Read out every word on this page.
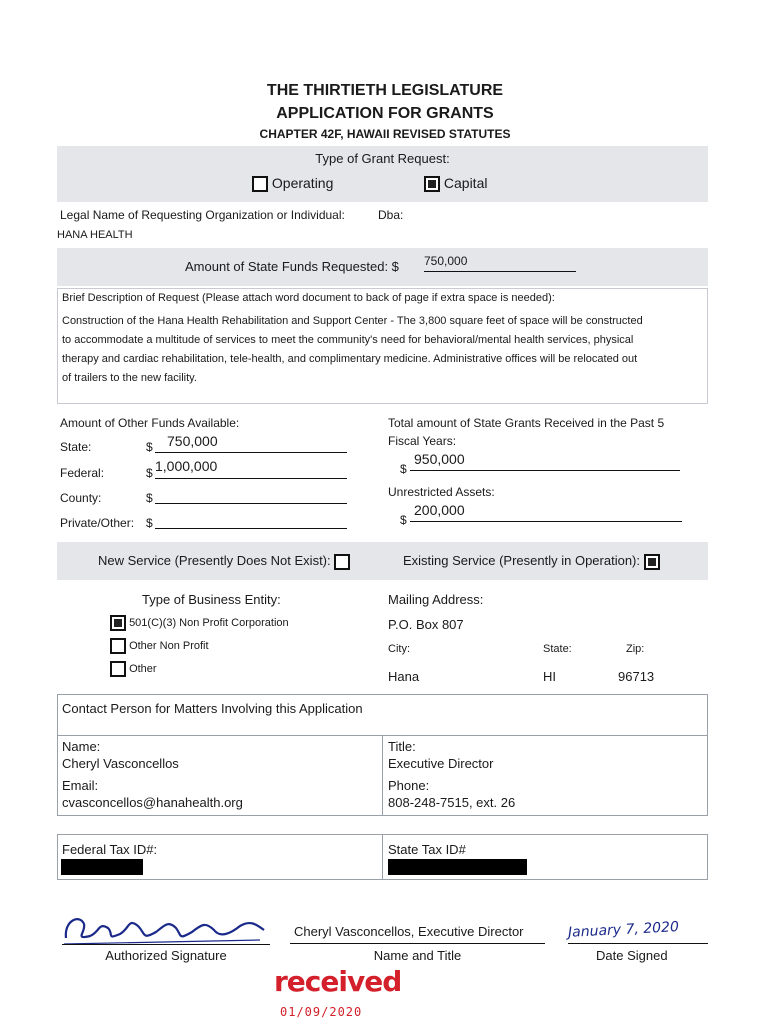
THE THIRTIETH LEGISLATURE
APPLICATION FOR GRANTS
CHAPTER 42F, HAWAII REVISED STATUTES
Type of Grant Request:
Operating	Capital
Legal Name of Requesting Organization or Individual:	Dba:
HANA HEALTH
Amount of State Funds Requested: $ 750,000
Brief Description of Request (Please attach word document to back of page if extra space is needed):
Construction of the Hana Health Rehabilitation and Support Center - The 3,800 square feet of space will be constructed
to accommodate a multitude of services to meet the community's need for behavioral/mental health services, physical
therapy and cardiac rehabilitation, tele-health, and complimentary medicine. Administrative offices will be relocated out
of trailers to the new facility.
Amount of Other Funds Available:
State:	$	750,000
Federal:	$ 1,000,000
County:	$
Private/Other: $
Total amount of State Grants Received in the Past 5
Fiscal Years:
$
950,000
Unrestricted Assets:
$
200,000
New Service (Presently Does Not Exist):	Existing Service (Presently in Operation):
Type of Business Entity:
501(C)(3) Non Profit Corporation
Other Non Profit
Other
Mailing Address:
P.O. Box 807
City:	State:	Zip:
Hana	HI	96713
Contact Person for Matters Involving this Application
Name:
Cheryl Vasconcellos
Email:
cvasconcellos@hanahealth.org
Title:
Executive Director
Phone:
808-248-7515, ext. 26
Federal Tax ID#:	State Tax ID#
Authorized Signature
Cheryl Vasconcellos, Executive Director
Name and Title
January 7, 2020
Date Signed
received
01/09/2020
